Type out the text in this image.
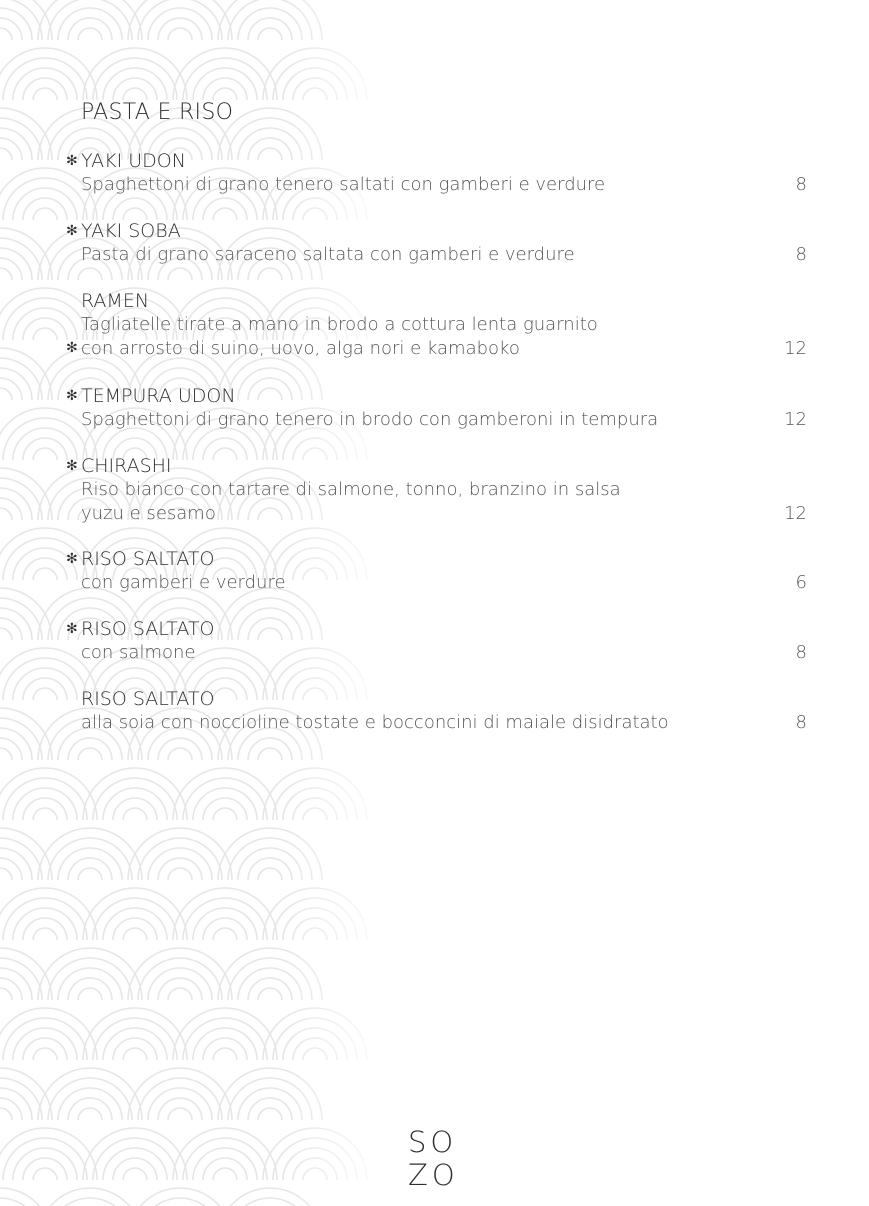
PASTA E RISO
YAKI UDON
Spaghettoni di grano tenero saltati con gamberi e verdure	8
✻
YAKI SOBA
Pasta di grano saraceno saltata con gamberi e verdure	8
✻
RAMEN
Tagliatelle tirate a mano in brodo a cottura lenta guarnito
con arrosto di suino, uovo, alga nori e kamaboko	12
✻
TEMPURA UDON
Spaghettoni di grano tenero in brodo con gamberoni in tempura	12
✻
CHIRASHI
Riso bianco con tartare di salmone, tonno, branzino in salsa
yuzu e sesamo	12
✻
RISO SALTATO
con gamberi e verdure	6
✻
RISO SALTATO
con salmone	8
✻
RISO SALTATO
alla soia con noccioline tostate e bocconcini di maiale disidratato	8
SO
ZO
